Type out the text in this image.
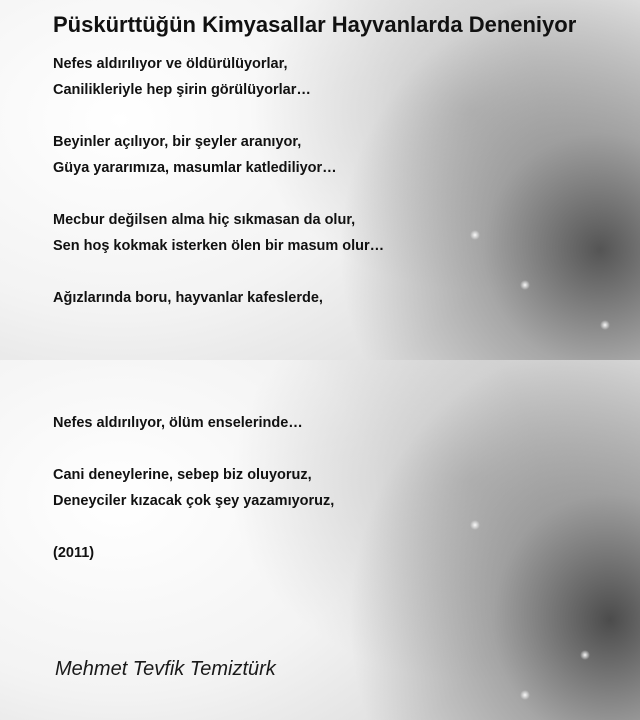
Püskürttüğün Kimyasallar Hayvanlarda Deneniyor
Nefes aldırılıyor ve öldürülüyorlar,
Canilikleriyle hep şirin görülüyorlar…
Beyinler açılıyor, bir şeyler aranıyor,
Güya yararımıza, masumlar katlediliyor…
Mecbur değilsen alma hiç sıkmasan da olur,
Sen hoş kokmak isterken ölen bir masum olur…
Ağızlarında boru, hayvanlar kafeslerde,
Nefes aldırılıyor, ölüm enselerinde…
Cani deneylerine, sebep biz oluyoruz,
Deneyciler kızacak çok şey yazamıyoruz,
(2011)
Mehmet Tevfik Temiztürk
